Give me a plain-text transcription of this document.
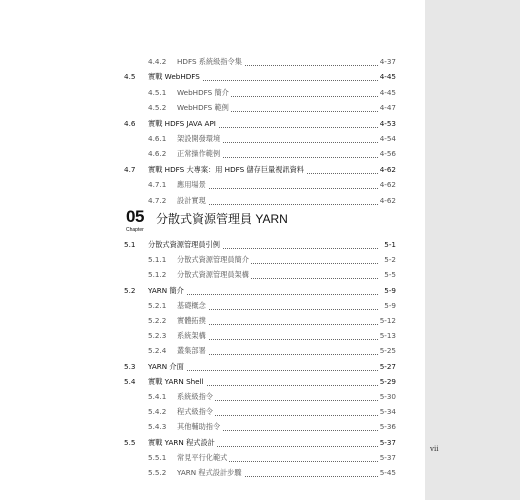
4.4.2 HDFS 系統級指令集	4-37
4.5 實戰 WebHDFS	4-45
4.5.1 WebHDFS 簡介	4-45
4.5.2 WebHDFS 範例	4-47
4.6 實戰 HDFS JAVA API	4-53
4.6.1 架設開發環境	4-54
4.6.2 正常操作範例	4-56
4.7 實戰 HDFS 大專案：用 HDFS 儲存巨量視訊資料	4-62
4.7.1 應用場景	4-62
4.7.2 設計實現	4-62
5.1 分散式資源管理員引例	5-1
5.1.1 分散式資源管理員簡介	5-2
5.1.2 分散式資源管理員架構	5-5
5.2 YARN 簡介	5-9
5.2.1 基礎概念	5-9
5.2.2 實體拓撲	5-12
5.2.3 系統架構	5-13
5.2.4 叢集部署	5-25
5.3 YARN 介面	5-27
5.4 實戰 YARN Shell	5-29
5.4.1 系統級指令	5-30
5.4.2 程式級指令	5-34
5.4.3 其他輔助指令	5-36
5.5 實戰 YARN 程式設計	5-37
5.5.1 常見平行化範式	5-37
5.5.2 YARN 程式設計步驟	5-45
05
Chapter
分散式資源管理員 YARN
vii
